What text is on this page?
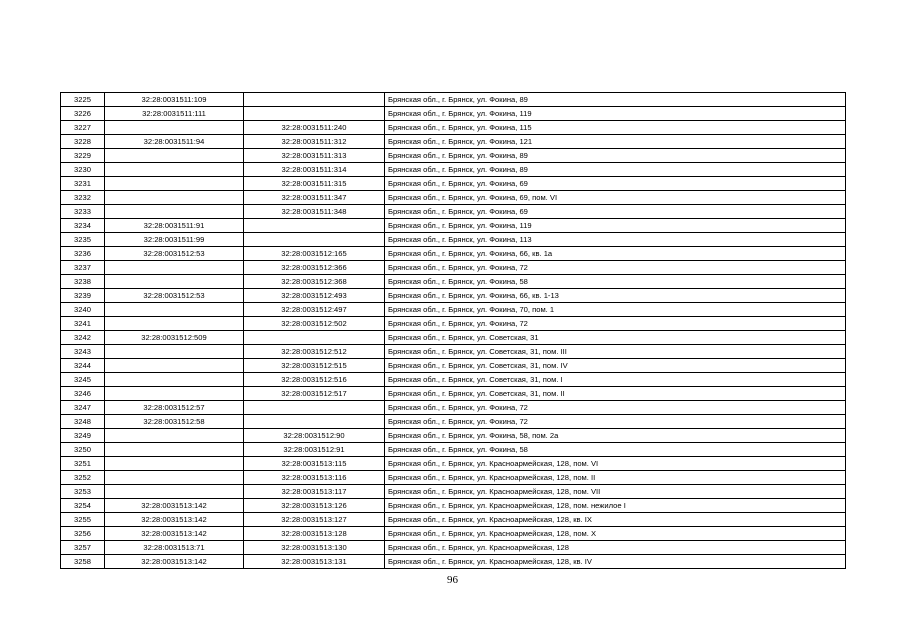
3225	32:28:0031511:109		Брянская обл., г. Брянск, ул. Фокина, 89
3226	32:28:0031511:111		Брянская обл., г. Брянск, ул. Фокина, 119
3227		32:28:0031511:240	Брянская обл., г. Брянск, ул. Фокина, 115
3228	32:28:0031511:94	32:28:0031511:312	Брянская обл., г. Брянск, ул. Фокина, 121
3229		32:28:0031511:313	Брянская обл., г. Брянск, ул. Фокина, 89
3230		32:28:0031511:314	Брянская обл., г. Брянск, ул. Фокина, 89
3231		32:28:0031511:315	Брянская обл., г. Брянск, ул. Фокина, 69
3232		32:28:0031511:347	Брянская обл., г. Брянск, ул. Фокина, 69, пом. VI
3233		32:28:0031511:348	Брянская обл., г. Брянск, ул. Фокина, 69
3234	32:28:0031511:91		Брянская обл., г. Брянск, ул. Фокина, 119
3235	32:28:0031511:99		Брянская обл., г. Брянск, ул. Фокина, 113
3236	32:28:0031512:53	32:28:0031512:165	Брянская обл., г. Брянск, ул. Фокина, 66, кв. 1а
3237		32:28:0031512:366	Брянская обл., г. Брянск, ул. Фокина, 72
3238		32:28:0031512:368	Брянская обл., г. Брянск, ул. Фокина, 58
3239	32:28:0031512:53	32:28:0031512:493	Брянская обл., г. Брянск, ул. Фокина, 66, кв. 1-13
3240		32:28:0031512:497	Брянская обл., г. Брянск, ул. Фокина, 70, пом. 1
3241		32:28:0031512:502	Брянская обл., г. Брянск, ул. Фокина, 72
3242	32:28:0031512:509		Брянская обл., г. Брянск, ул. Советская, 31
3243		32:28:0031512:512	Брянская обл., г. Брянск, ул. Советская, 31, пом. III
3244		32:28:0031512:515	Брянская обл., г. Брянск, ул. Советская, 31, пом. IV
3245		32:28:0031512:516	Брянская обл., г. Брянск, ул. Советская, 31, пом. I
3246		32:28:0031512:517	Брянская обл., г. Брянск, ул. Советская, 31, пом. II
3247	32:28:0031512:57		Брянская обл., г. Брянск, ул. Фокина, 72
3248	32:28:0031512:58		Брянская обл., г. Брянск, ул. Фокина, 72
3249		32:28:0031512:90	Брянская обл., г. Брянск, ул. Фокина, 58, пом. 2а
3250		32:28:0031512:91	Брянская обл., г. Брянск, ул. Фокина, 58
3251		32:28:0031513:115	Брянская обл., г. Брянск, ул. Красноармейская, 128, пом. VI
3252		32:28:0031513:116	Брянская обл., г. Брянск, ул. Красноармейская, 128, пом. II
3253		32:28:0031513:117	Брянская обл., г. Брянск, ул. Красноармейская, 128, пом. VII
3254	32:28:0031513:142	32:28:0031513:126	Брянская обл., г. Брянск, ул. Красноармейская, 128, пом. нежилое I
3255	32:28:0031513:142	32:28:0031513:127	Брянская обл., г. Брянск, ул. Красноармейская, 128, кв. IX
3256	32:28:0031513:142	32:28:0031513:128	Брянская обл., г. Брянск, ул. Красноармейская, 128, пом. X
3257	32:28:0031513:71	32:28:0031513:130	Брянская обл., г. Брянск, ул. Красноармейская, 128
3258	32:28:0031513:142	32:28:0031513:131	Брянская обл., г. Брянск, ул. Красноармейская, 128, кв. IV
96
